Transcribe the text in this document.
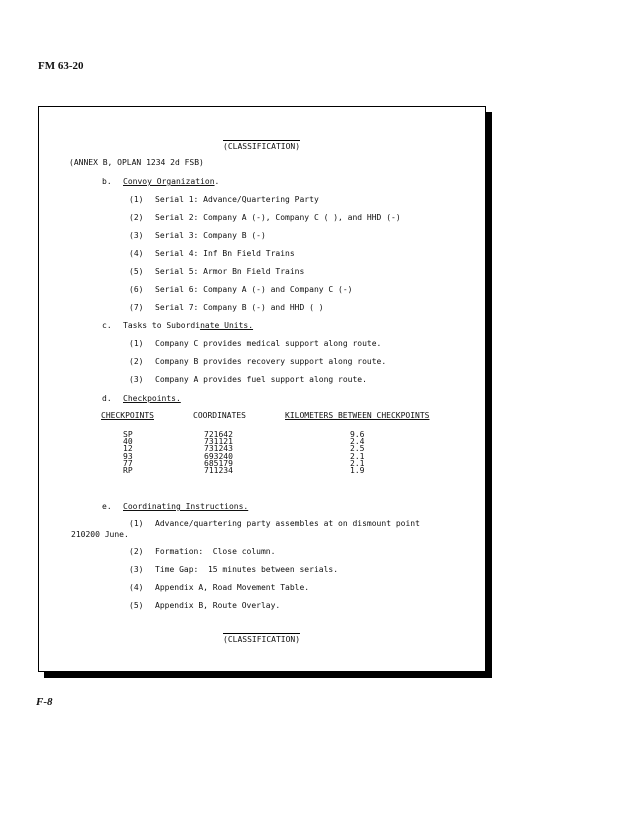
FM 63-20
(CLASSIFICATION)
(ANNEX B, OPLAN 1234 2d FSB)
b. Convoy Organization.
(1) Serial 1: Advance/Quartering Party
(2) Serial 2: Company A (-), Company C ( ), and HHD (-)
(3) Serial 3: Company B (-)
(4) Serial 4: Inf Bn Field Trains
(5) Serial 5: Armor Bn Field Trains
(6) Serial 6: Company A (-) and Company C (-)
(7) Serial 7: Company B (-) and HHD ( )
c. Tasks to Subordinate Units.
(1) Company C provides medical support along route.
(2) Company B provides recovery support along route.
(3) Company A provides fuel support along route.
d. Checkpoints.
CHECKPOINTS	COORDINATES	KILOMETERS BETWEEN CHECKPOINTS
SP
40
12
93
77
RP
721642
731121
731243
693240
685179
711234
9.6
2.4
2.5
2.1
2.1
1.9
e. Coordinating Instructions.
(1) Advance/quartering party assembles at on dismount point
210200 June.
(2) Formation:  Close column.
(3) Time Gap:  15 minutes between serials.
(4) Appendix A, Road Movement Table.
(5) Appendix B, Route Overlay.
(CLASSIFICATION)
F-8
